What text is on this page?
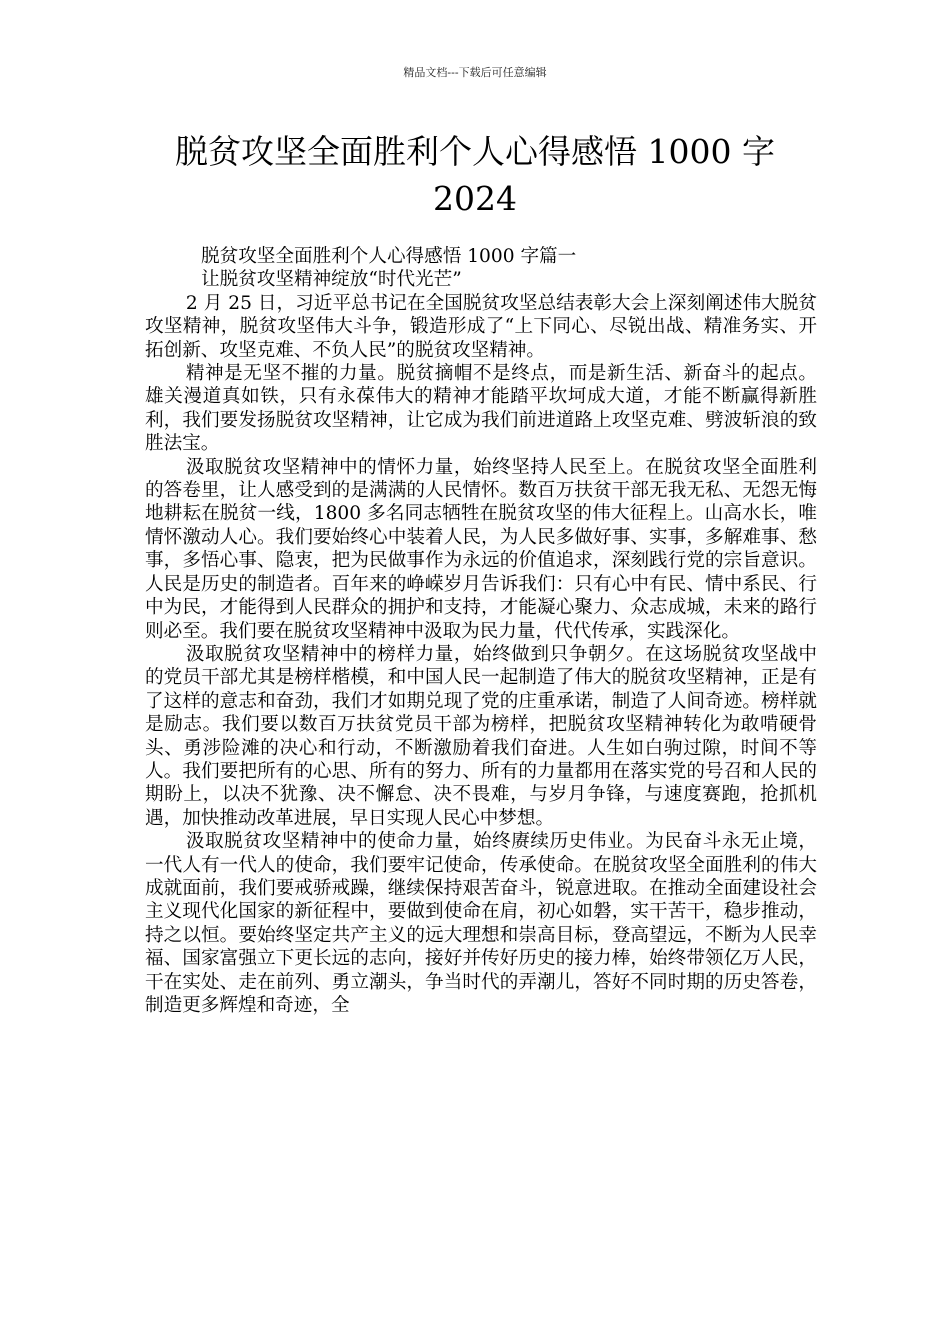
精品文档---下载后可任意编辑
脱贫攻坚全面胜利个人心得感悟 1000 字
2024

脱贫攻坚全面胜利个人心得感悟 1000 字篇一

让脱贫攻坚精神绽放“时代光芒”

2 月 25 日，习近平总书记在全国脱贫攻坚总结表彰大会上深刻阐述伟大脱贫攻坚精神，脱贫攻坚伟大斗争，锻造形成了“上下同心、尽锐出战、精准务实、开拓创新、攻坚克难、不负人民”的脱贫攻坚精神。

精神是无坚不摧的力量。脱贫摘帽不是终点，而是新生活、新奋斗的起点。雄关漫道真如铁，只有永葆伟大的精神才能踏平坎坷成大道，才能不断赢得新胜利，我们要发扬脱贫攻坚精神，让它成为我们前进道路上攻坚克难、劈波斩浪的致胜法宝。

汲取脱贫攻坚精神中的情怀力量，始终坚持人民至上。在脱贫攻坚全面胜利的答卷里，让人感受到的是满满的人民情怀。数百万扶贫干部无我无私、无怨无悔地耕耘在脱贫一线，1800 多名同志牺牲在脱贫攻坚的伟大征程上。山高水长，唯情怀激动人心。我们要始终心中装着人民，为人民多做好事、实事，多解难事、愁事，多悟心事、隐衷，把为民做事作为永远的价值追求，深刻践行党的宗旨意识。人民是历史的制造者。百年来的峥嵘岁月告诉我们：只有心中有民、情中系民、行中为民，才能得到人民群众的拥护和支持，才能凝心聚力、众志成城，未来的路行则必至。我们要在脱贫攻坚精神中汲取为民力量，代代传承，实践深化。

汲取脱贫攻坚精神中的榜样力量，始终做到只争朝夕。在这场脱贫攻坚战中的党员干部尤其是榜样楷模，和中国人民一起制造了伟大的脱贫攻坚精神，正是有了这样的意志和奋劲，我们才如期兑现了党的庄重承诺，制造了人间奇迹。榜样就是励志。我们要以数百万扶贫党员干部为榜样，把脱贫攻坚精神转化为敢啃硬骨头、勇涉险滩的决心和行动，不断激励着我们奋进。人生如白驹过隙，时间不等人。我们要把所有的心思、所有的努力、所有的力量都用在落实党的号召和人民的期盼上，以决不犹豫、决不懈怠、决不畏难，与岁月争锋，与速度赛跑，抢抓机遇，加快推动改革进展，早日实现人民心中梦想。

汲取脱贫攻坚精神中的使命力量，始终赓续历史伟业。为民奋斗永无止境，一代人有一代人的使命，我们要牢记使命，传承使命。在脱贫攻坚全面胜利的伟大成就面前，我们要戒骄戒躁，继续保持艰苦奋斗，锐意进取。在推动全面建设社会主义现代化国家的新征程中，要做到使命在肩，初心如磐，实干苦干，稳步推动，持之以恒。要始终坚定共产主义的远大理想和崇高目标，登高望远，不断为人民幸福、国家富强立下更长远的志向，接好并传好历史的接力棒，始终带领亿万人民，干在实处、走在前列、勇立潮头，争当时代的弄潮儿，答好不同时期的历史答卷，制造更多辉煌和奇迹，全
